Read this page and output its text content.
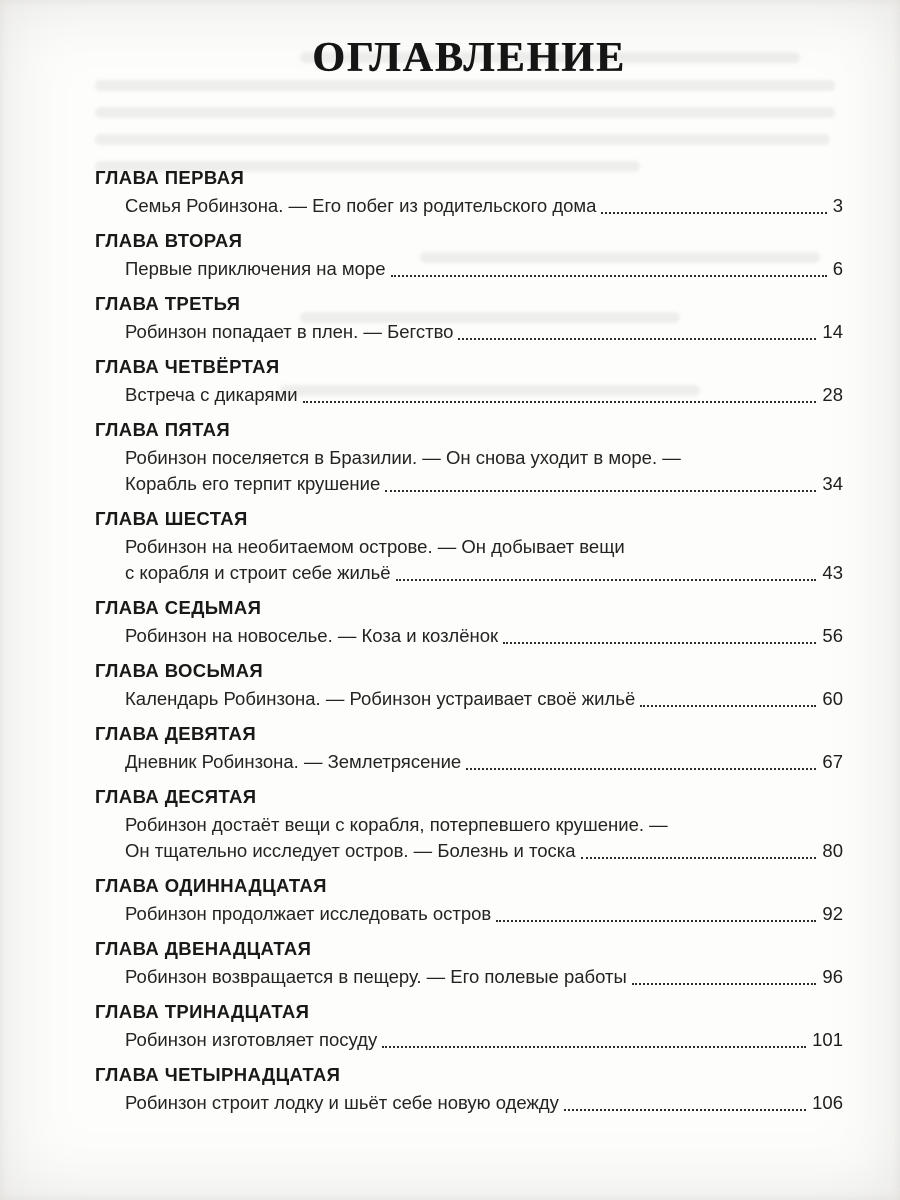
ОГЛАВЛЕНИЕ
ГЛАВА ПЕРВАЯ
Семья Робинзона. — Его побег из родительского дома	3
ГЛАВА ВТОРАЯ
Первые приключения на море	6
ГЛАВА ТРЕТЬЯ
Робинзон попадает в плен. — Бегство	14
ГЛАВА ЧЕТВЁРТАЯ
Встреча с дикарями	28
ГЛАВА ПЯТАЯ
Робинзон поселяется в Бразилии. — Он снова уходит в море. —
Корабль его терпит крушение	34
ГЛАВА ШЕСТАЯ
Робинзон на необитаемом острове. — Он добывает вещи
с корабля и строит себе жильё	43
ГЛАВА СЕДЬМАЯ
Робинзон на новоселье. — Коза и козлёнок	56
ГЛАВА ВОСЬМАЯ
Календарь Робинзона. — Робинзон устраивает своё жильё	60
ГЛАВА ДЕВЯТАЯ
Дневник Робинзона. — Землетрясение	67
ГЛАВА ДЕСЯТАЯ
Робинзон достаёт вещи с корабля, потерпевшего крушение. —
Он тщательно исследует остров. — Болезнь и тоска	80
ГЛАВА ОДИННАДЦАТАЯ
Робинзон продолжает исследовать остров	92
ГЛАВА ДВЕНАДЦАТАЯ
Робинзон возвращается в пещеру. — Его полевые работы	96
ГЛАВА ТРИНАДЦАТАЯ
Робинзон изготовляет посуду	101
ГЛАВА ЧЕТЫРНАДЦАТАЯ
Робинзон строит лодку и шьёт себе новую одежду	106
